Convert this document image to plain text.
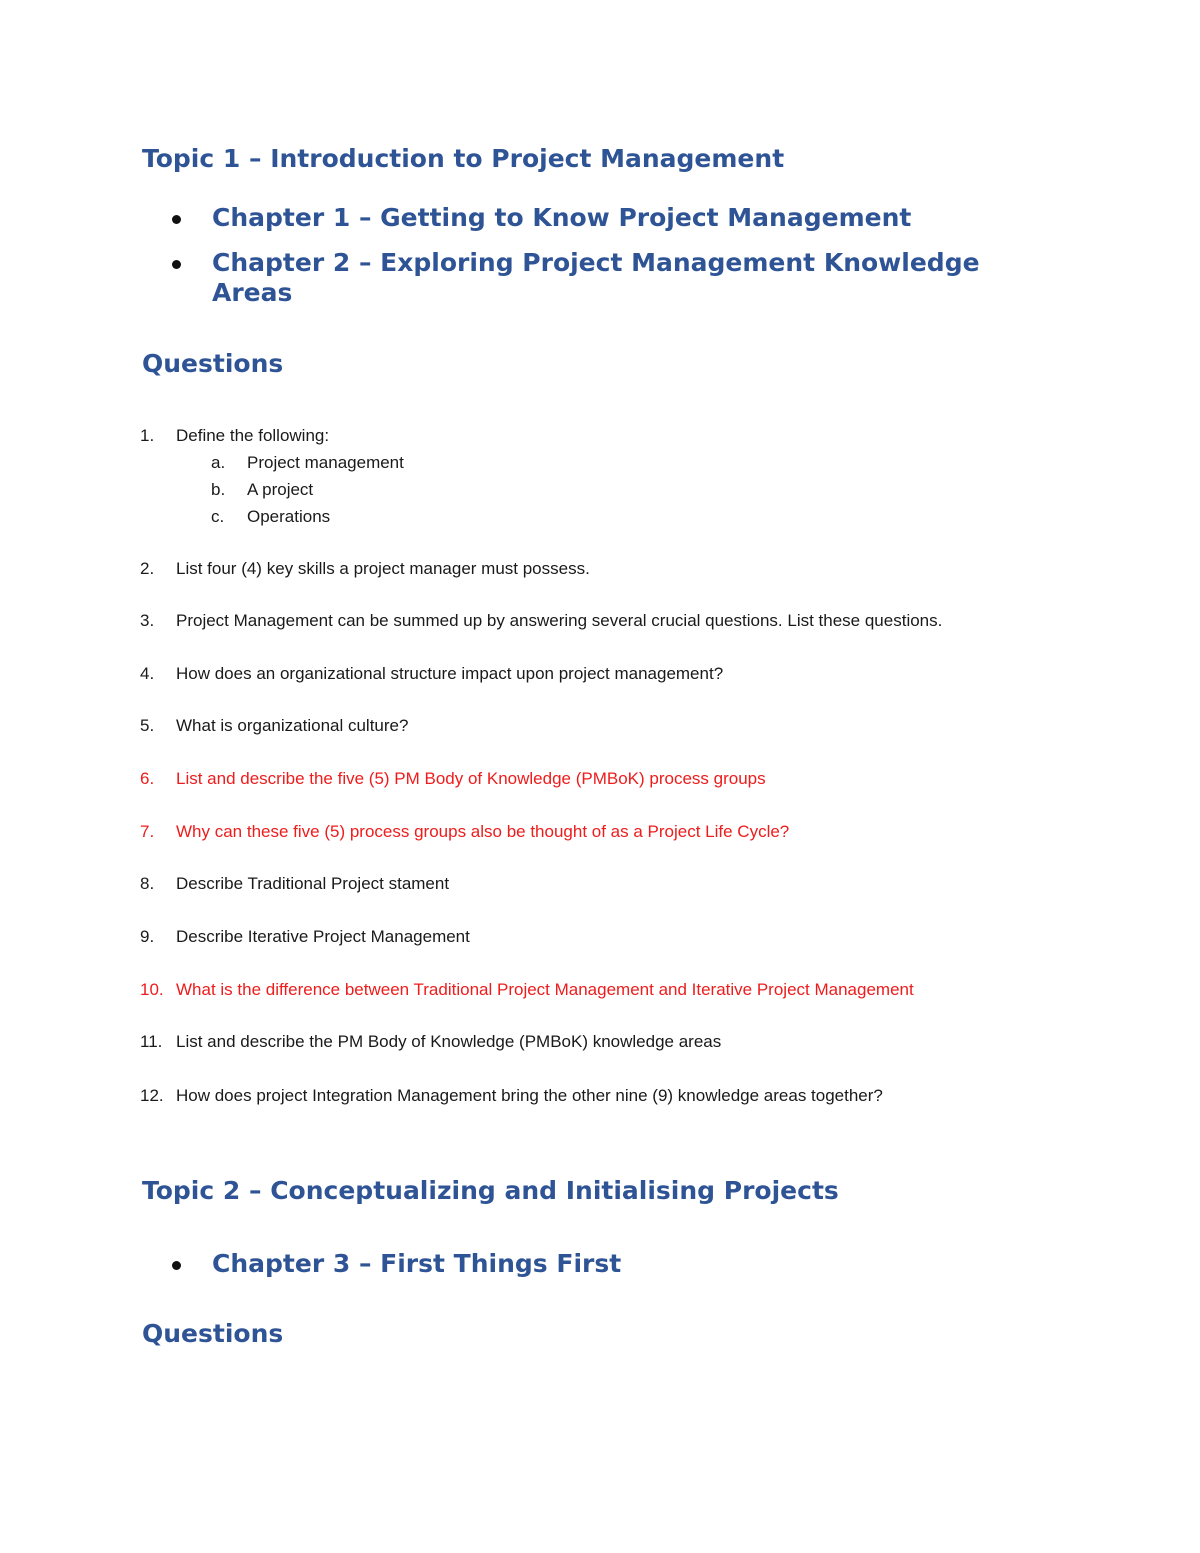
Topic 1 – Introduction to Project Management

Chapter 1 – Getting to Know Project Management

Chapter 2 – Exploring Project Management Knowledge Areas

Questions
1.	Define the following:
a.	Project management
b.	A project
c.	Operations
2.	List four (4) key skills a project manager must possess.
3.	Project Management can be summed up by answering several crucial questions. List these questions.
4.	How does an organizational structure impact upon project management?
5.	What is organizational culture?
6.	List and describe the five (5) PM Body of Knowledge (PMBoK) process groups
7.	Why can these five (5) process groups also be thought of as a Project Life Cycle?
8.	Describe Traditional Project stament
9.	Describe Iterative Project Management
10. What is the difference between Traditional Project Management and Iterative Project Management
11. List and describe the PM Body of Knowledge (PMBoK) knowledge areas
12. How does project Integration Management bring the other nine (9) knowledge areas together?
Topic 2 – Conceptualizing and Initialising Projects

Chapter 3 – First Things First

Questions
